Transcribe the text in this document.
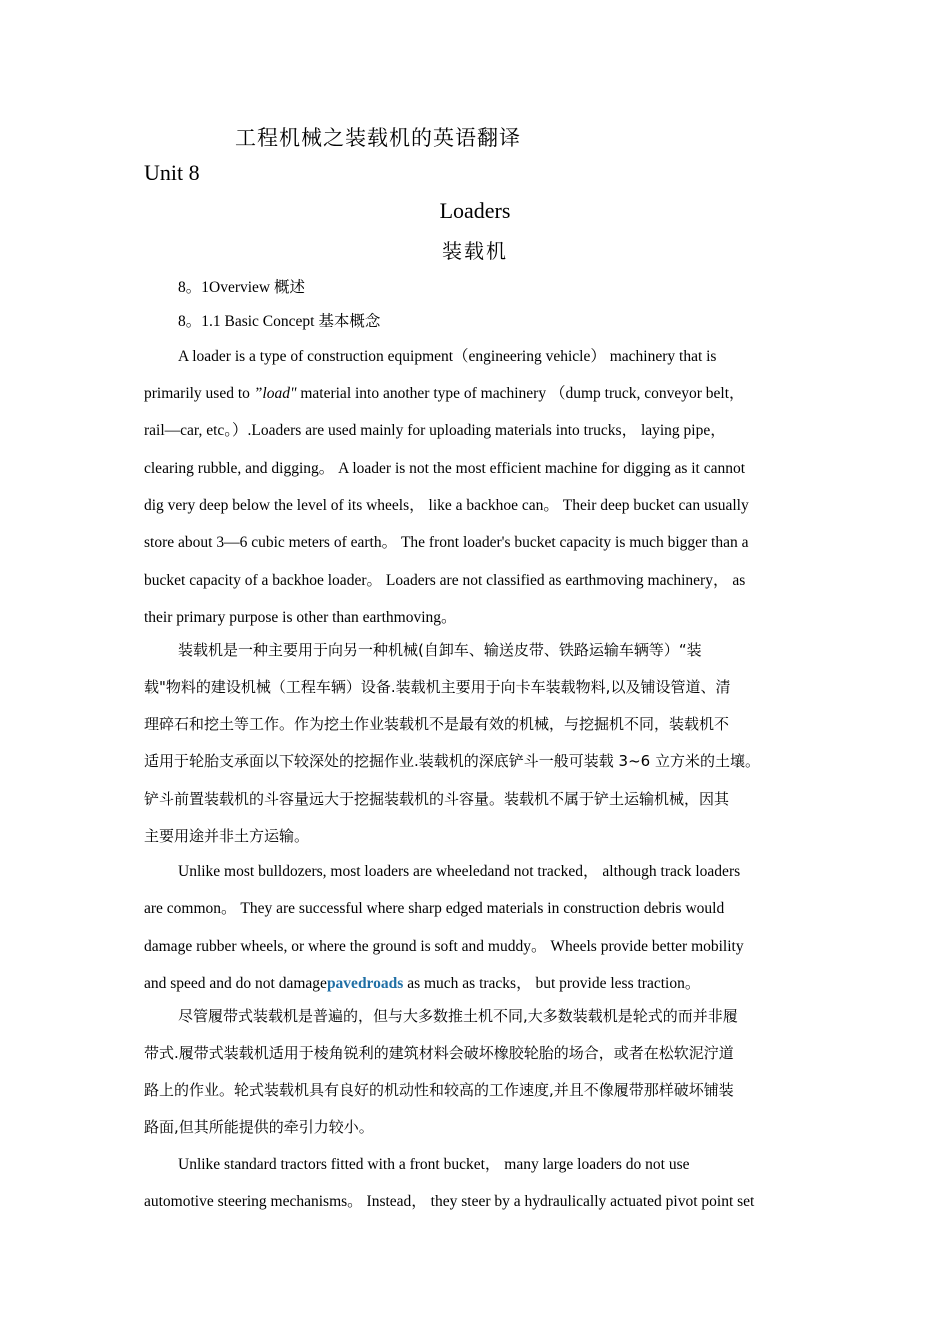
工程机械之装载机的英语翻译
Unit 8
Loaders
装载机
8。1Overview 概述
8。1.1 Basic Concept 基本概念
A loader is a type of construction equipment（engineering vehicle） machinery that is
primarily used to ”load" material into another type of machinery （dump truck, conveyor belt，
rail—car, etc。）.Loaders are used mainly for uploading materials into trucks， laying pipe，
clearing rubble, and digging。 A loader is not the most efficient machine for digging as it cannot
dig very deep below the level of its wheels， like a backhoe can。 Their deep bucket can usually
store about 3—6 cubic meters of earth。 The front loader's bucket capacity is much bigger than a
bucket capacity of a backhoe loader。 Loaders are not classified as earthmoving machinery， as
their primary purpose is other than earthmoving。
装载机是一种主要用于向另一种机械(自卸车、输送皮带、铁路运输车辆等）“装
载"物料的建设机械（工程车辆）设备.装载机主要用于向卡车装载物料,以及铺设管道、清
理碎石和挖土等工作。作为挖土作业装载机不是最有效的机械，与挖掘机不同，装载机不
适用于轮胎支承面以下较深处的挖掘作业.装载机的深底铲斗一般可装载 3~6 立方米的土壤。
铲斗前置装载机的斗容量远大于挖掘装载机的斗容量。装载机不属于铲土运输机械，因其
主要用途并非土方运输。
Unlike most bulldozers, most loaders are wheeledand not tracked， although track loaders
are common。 They are successful where sharp edged materials in construction debris would
damage rubber wheels, or where the ground is soft and muddy。 Wheels provide better mobility
and speed and do not damagepavedroads as much as tracks， but provide less traction。
尽管履带式装载机是普遍的，但与大多数推土机不同,大多数装载机是轮式的而并非履
带式.履带式装载机适用于棱角锐利的建筑材料会破坏橡胶轮胎的场合，或者在松软泥泞道
路上的作业。轮式装载机具有良好的机动性和较高的工作速度,并且不像履带那样破坏铺装
路面,但其所能提供的牵引力较小。
Unlike standard tractors fitted with a front bucket， many large loaders do not use
automotive steering mechanisms。 Instead， they steer by a hydraulically actuated pivot point set
